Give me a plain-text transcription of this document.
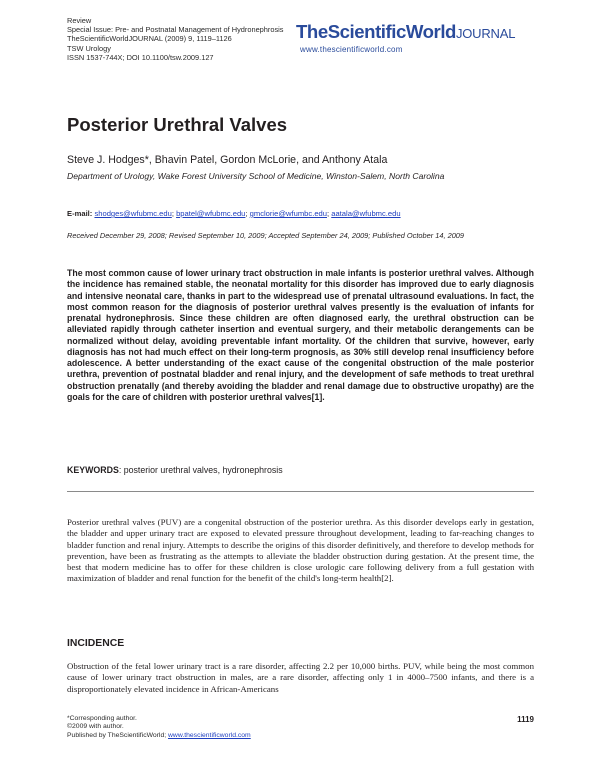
Review
Special Issue: Pre- and Postnatal Management of Hydronephrosis
TheScientificWorldJOURNAL (2009) 9, 1119–1126
TSW Urology
ISSN 1537-744X; DOI 10.1100/tsw.2009.127
TheScientificWorldJOURNAL
www.thescientificworld.com
Posterior Urethral Valves
Steve J. Hodges*, Bhavin Patel, Gordon McLorie, and Anthony Atala
Department of Urology, Wake Forest University School of Medicine, Winston-Salem, North Carolina
E-mail: shodges@wfubmc.edu; bpatel@wfubmc.edu; gmclorie@wfumbc.edu; aatala@wfubmc.edu
Received December 29, 2008; Revised September 10, 2009; Accepted September 24, 2009; Published October 14, 2009
The most common cause of lower urinary tract obstruction in male infants is posterior urethral valves. Although the incidence has remained stable, the neonatal mortality for this disorder has improved due to early diagnosis and intensive neonatal care, thanks in part to the widespread use of prenatal ultrasound evaluations. In fact, the most common reason for the diagnosis of posterior urethral valves presently is the evaluation of infants for prenatal hydronephrosis. Since these children are often diagnosed early, the urethral obstruction can be alleviated rapidly through catheter insertion and eventual surgery, and their metabolic derangements can be normalized without delay, avoiding preventable infant mortality. Of the children that survive, however, early diagnosis has not had much effect on their long-term prognosis, as 30% still develop renal insufficiency before adolescence. A better understanding of the exact cause of the congenital obstruction of the male posterior urethra, prevention of postnatal bladder and renal injury, and the development of safe methods to treat urethral obstruction prenatally (and thereby avoiding the bladder and renal damage due to obstructive uropathy) are the goals for the care of children with posterior urethral valves[1].
KEYWORDS: posterior urethral valves, hydronephrosis
Posterior urethral valves (PUV) are a congenital obstruction of the posterior urethra. As this disorder develops early in gestation, the bladder and upper urinary tract are exposed to elevated pressure throughout development, leading to far-reaching changes to bladder function and renal injury. Attempts to describe the origins of this disorder definitively, and therefore to develop methods for prevention, have been as frustrating as the attempts to alleviate the bladder obstruction during gestation. At the present time, the best that modern medicine has to offer for these children is close urologic care following delivery from a full gestation with maximization of bladder and renal function for the benefit of the child's long-term health[2].
INCIDENCE
Obstruction of the fetal lower urinary tract is a rare disorder, affecting 2.2 per 10,000 births. PUV, while being the most common cause of lower urinary tract obstruction in males, are a rare disorder, affecting only 1 in 4000–7500 infants, and there is a disproportionately elevated incidence in African-Americans
*Corresponding author.
©2009 with author.
Published by TheScientificWorld; www.thescientificworld.com
1119
